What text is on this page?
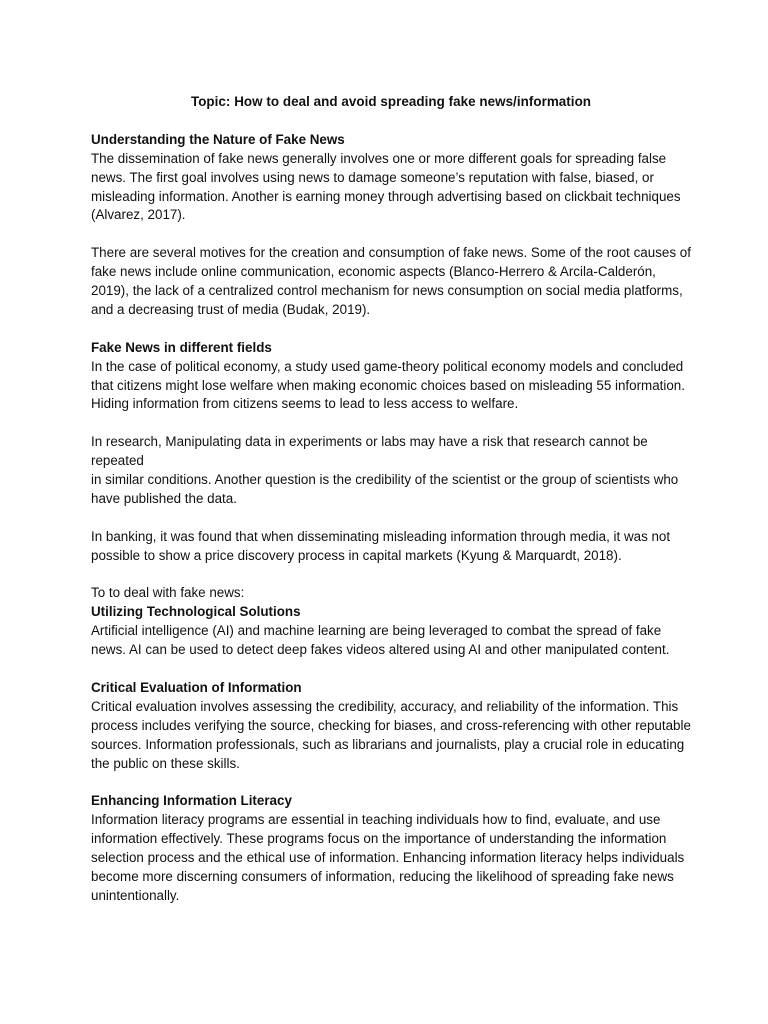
Topic: How to deal and avoid spreading fake news/information
Understanding the Nature of Fake News

The dissemination of fake news generally involves one or more different goals for spreading false news. The first goal involves using news to damage someone’s reputation with false, biased, or misleading information. Another is earning money through advertising based on clickbait techniques (Alvarez, 2017).

There are several motives for the creation and consumption of fake news. Some of the root causes of fake news include online communication, economic aspects (Blanco-Herrero & Arcila-Calderón, 2019), the lack of a centralized control mechanism for news consumption on social media platforms, and a decreasing trust of media (Budak, 2019).

Fake News in different fields

In the case of political economy, a study used game-theory political economy models and concluded that citizens might lose welfare when making economic choices based on misleading 55 information. Hiding information from citizens seems to lead to less access to welfare.

In research, Manipulating data in experiments or labs may have a risk that research cannot be repeated

in similar conditions. Another question is the credibility of the scientist or the group of scientists who have published the data.

In banking, it was found that when disseminating misleading information through media, it was not possible to show a price discovery process in capital markets (Kyung & Marquardt, 2018).

To to deal with fake news:

Utilizing Technological Solutions

Artificial intelligence (AI) and machine learning are being leveraged to combat the spread of fake news. AI can be used to detect deep fakes videos altered using AI and other manipulated content.

Critical Evaluation of Information

Critical evaluation involves assessing the credibility, accuracy, and reliability of the information. This process includes verifying the source, checking for biases, and cross-referencing with other reputable sources. Information professionals, such as librarians and journalists, play a crucial role in educating the public on these skills.

Enhancing Information Literacy

Information literacy programs are essential in teaching individuals how to find, evaluate, and use information effectively. These programs focus on the importance of understanding the information selection process and the ethical use of information. Enhancing information literacy helps individuals become more discerning consumers of information, reducing the likelihood of spreading fake news unintentionally.
